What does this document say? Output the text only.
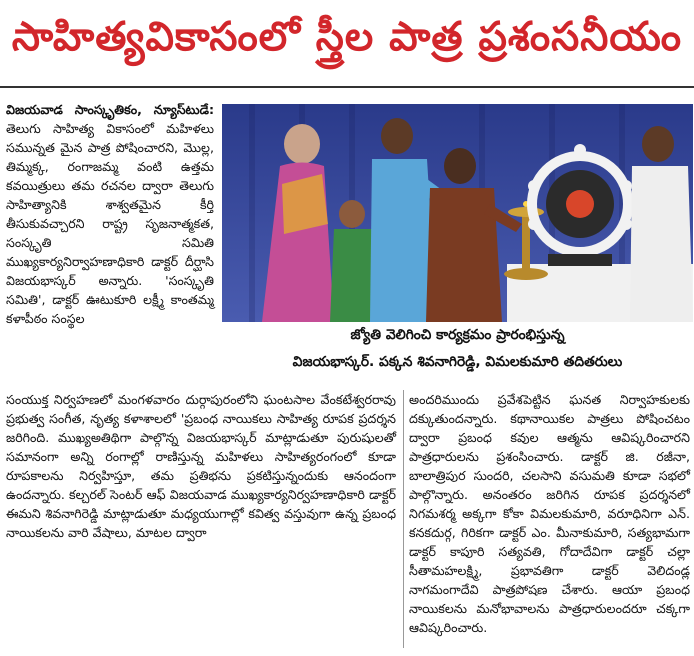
సాహిత్యవికాసంలో స్త్రీల పాత్ర ప్రశంసనీయం

విజయవాడ సాంస్కృతికం, న్యూస్‌టుడే: తెలుగు సాహిత్య వికాసంలో మహిళలు సమున్నత మైన పాత్ర పోషించారని, మొల్ల, తిమ్మక్క, రంగాజమ్మ వంటి ఉత్తమ కవయిత్రులు తమ రచనల ద్వారా తెలుగు సాహిత్యానికి శాశ్వతమైన కీర్తి తీసుకువచ్చారని రాష్ట్ర సృజనాత్మకత, సంస్కృతి సమితి ముఖ్యకార్యనిర్వాహణాధికారి డాక్టర్ దీర్ఘాసి విజయభాస్కర్ అన్నారు. 'సంస్కృతి సమితి', డాక్టర్ ఊటుకూరి లక్ష్మీ కాంతమ్మ కళాపీఠం సంస్థల

జ్యోతి వెలిగించి కార్యక్రమం ప్రారంభిస్తున్న

విజయభాస్కర్. పక్కన శివనాగిరెడ్డి, విమలకుమారి తదితరులు

సంయుక్త నిర్వహణలో మంగళవారం దుర్గాపురంలోని ఘంటసాల వేంకటేశ్వరరావు ప్రభుత్వ సంగీత, నృత్య కళాశాలలో 'ప్రబంధ నాయికలు సాహిత్య రూపక ప్రదర్శన జరిగింది. ముఖ్యఅతిథిగా పాల్గొన్న విజయభాస్కర్ మాట్లాడుతూ పురుషులతో సమానంగా అన్ని రంగాల్లో రాణిస్తున్న మహిళలు సాహిత్యరంగంలో కూడా రూపకాలను నిర్వహిస్తూ, తమ ప్రతిభను ప్రకటిస్తున్నందుకు ఆనందంగా ఉందన్నారు. కల్చరల్ సెంటర్ ఆఫ్ విజయవాడ ముఖ్యకార్యనిర్వహణాధికారి డాక్టర్ ఈమని శివనాగిరెడ్డి మాట్లాడుతూ మధ్యయుగాల్లో కవిత్వ వస్తువుగా ఉన్న ప్రబంధ నాయికలను వారి వేషాలు, మాటల ద్వారా

అందరిముందు ప్రవేశపెట్టిన ఘనత నిర్వాహకులకు దక్కుతుందన్నారు. కథానాయికల పాత్రలు పోషించటం ద్వారా ప్రబంధ కవుల ఆత్మను ఆవిష్కరించారని పాత్రధారులను ప్రశంసించారు. డాక్టర్ జి. రజీనా, బాలాత్రిపుర సుందరి, చలసాని వసుమతి కూడా సభలో పాల్గొన్నారు. అనంతరం జరిగిన రూపక ప్రదర్శనలో నిగమశర్మ అక్కగా కోకా విమలకుమారి, వరూధినిగా ఎన్. కనకదుర్గ, గిరికగా డాక్టర్ ఎం. మీనాకుమారి, సత్యభామగా డాక్టర్ కాపూరి సత్యవతి, గోదాదేవిగా డాక్టర్ చల్లా సీతామహలక్ష్మి, ప్రభావతిగా డాక్టర్ వెలిదండ్ల నాగమంగాదేవి పాత్రపోషణ చేశారు. ఆయా ప్రబంధ నాయికలను మనోభావాలను పాత్రధారులందరూ చక్కగా ఆవిష్కరించారు.
